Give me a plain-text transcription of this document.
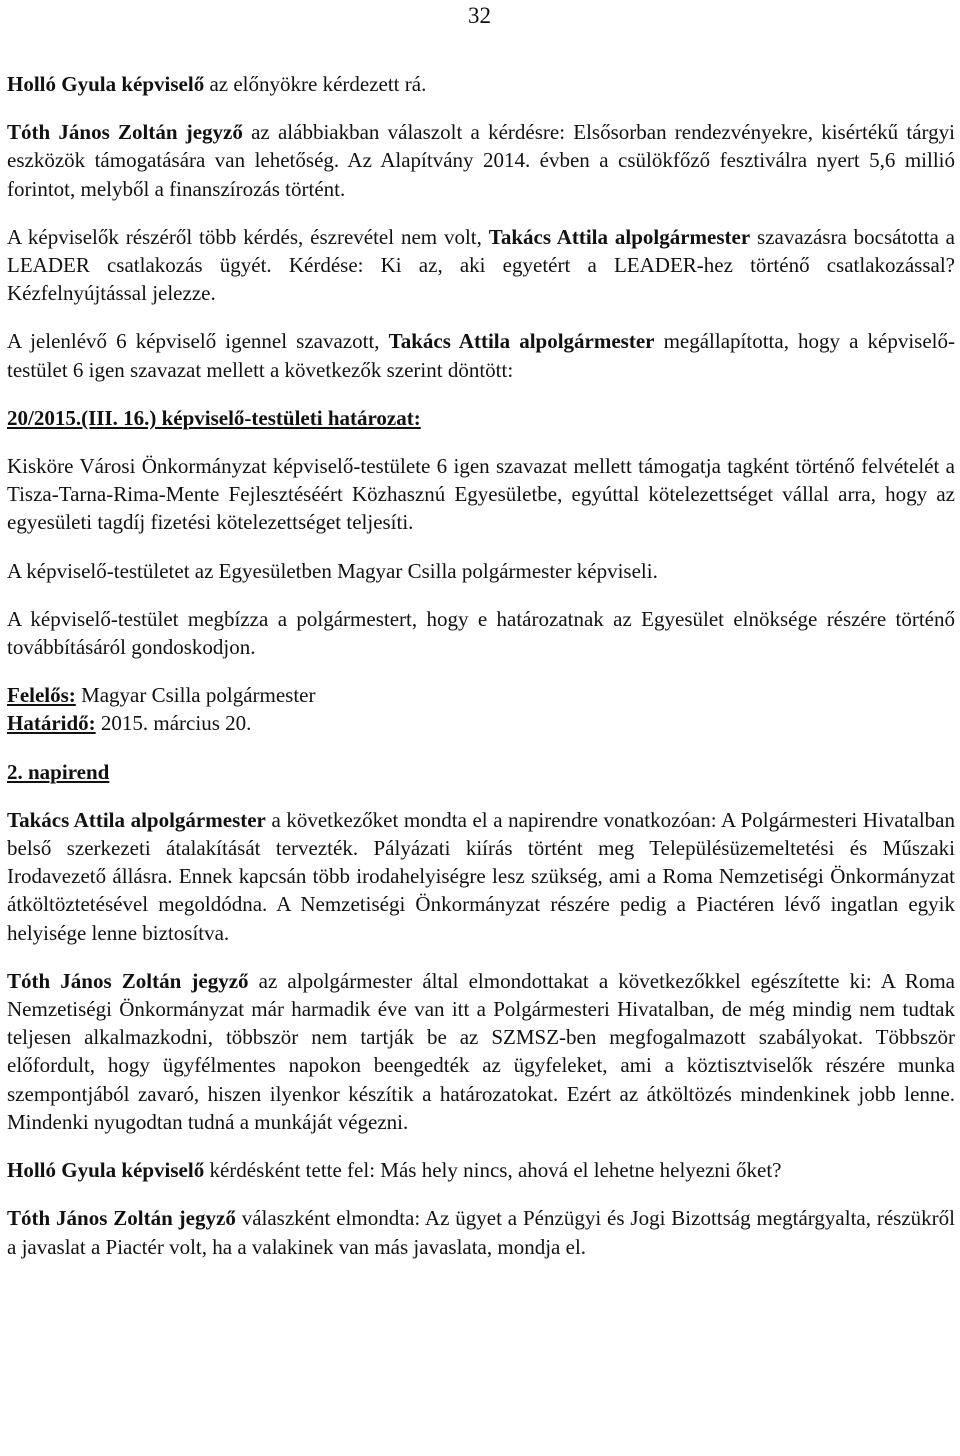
32

Holló Gyula képviselő az előnyökre kérdezett rá.

Tóth János Zoltán jegyző az alábbiakban válaszolt a kérdésre: Elsősorban rendezvényekre, kisértékű tárgyi eszközök támogatására van lehetőség. Az Alapítvány 2014. évben a csülökfőző fesztiválra nyert 5,6 millió forintot, melyből a finanszírozás történt.

A képviselők részéről több kérdés, észrevétel nem volt, Takács Attila alpolgármester szavazásra bocsátotta a LEADER csatlakozás ügyét. Kérdése: Ki az, aki egyetért a LEADER-hez történő csatlakozással? Kézfelnyújtással jelezze.

A jelenlévő 6 képviselő igennel szavazott, Takács Attila alpolgármester megállapította, hogy a képviselő-testület 6 igen szavazat mellett a következők szerint döntött:

20/2015.(III. 16.) képviselő-testületi határozat:

Kisköre Városi Önkormányzat képviselő-testülete 6 igen szavazat mellett támogatja tagként történő felvételét a Tisza-Tarna-Rima-Mente Fejlesztéséért Közhasznú Egyesületbe, egyúttal kötelezettséget vállal arra, hogy az egyesületi tagdíj fizetési kötelezettséget teljesíti.

A képviselő-testületet az Egyesületben Magyar Csilla polgármester képviseli.

A képviselő-testület megbízza a polgármestert, hogy e határozatnak az Egyesület elnöksége részére történő továbbításáról gondoskodjon.

Felelős: Magyar Csilla polgármester

Határidő: 2015. március 20.

2. napirend

Takács Attila alpolgármester a következőket mondta el a napirendre vonatkozóan: A Polgármesteri Hivatalban belső szerkezeti átalakítását tervezték. Pályázati kiírás történt meg Településüzemeltetési és Műszaki Irodavezető állásra. Ennek kapcsán több irodahelyiségre lesz szükség, ami a Roma Nemzetiségi Önkormányzat átköltöztetésével megoldódna. A Nemzetiségi Önkormányzat részére pedig a Piactéren lévő ingatlan egyik helyisége lenne biztosítva.

Tóth János Zoltán jegyző az alpolgármester által elmondottakat a következőkkel egészítette ki: A Roma Nemzetiségi Önkormányzat már harmadik éve van itt a Polgármesteri Hivatalban, de még mindig nem tudtak teljesen alkalmazkodni, többször nem tartják be az SZMSZ-ben megfogalmazott szabályokat. Többször előfordult, hogy ügyfélmentes napokon beengedték az ügyfeleket, ami a köztisztviselők részére munka szempontjából zavaró, hiszen ilyenkor készítik a határozatokat. Ezért az átköltözés mindenkinek jobb lenne. Mindenki nyugodtan tudná a munkáját végezni.

Holló Gyula képviselő kérdésként tette fel: Más hely nincs, ahová el lehetne helyezni őket?

Tóth János Zoltán jegyző válaszként elmondta: Az ügyet a Pénzügyi és Jogi Bizottság megtárgyalta, részükről a javaslat a Piactér volt, ha a valakinek van más javaslata, mondja el.
